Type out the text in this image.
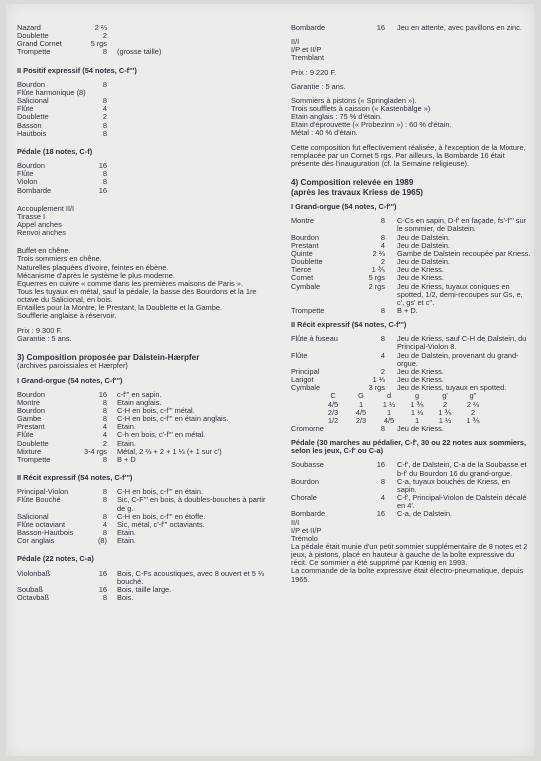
Nazard	2 ⅔
Doublette	2
Grand Cornet	5 rgs
Trompette	8	(grosse taille)
II Positif expressif (54 notes, C-f''')
Bourdon	8
Flûte harmonique (8)
Salicional	8
Flûte	4
Doublette	2
Basson	8
Hautbois	8
Pédale (18 notes, C-f)
Bourdon	16
Flûte	8
Violon	8
Bombarde	16
Accouplement II/I
Tirasse I
Appel anches
Renvoi anches
Buffet en chêne.
Trois sommiers en chêne.
Naturelles plaquées d'ivoire, feintes en ébène.
Mécanisme d'après le système le plus moderne.
Equerres en cuivre « comme dans les premières maisons de Paris ».
Tous les tuyaux en métal, sauf la pédale, la basse des Bourdons et la 1re octave du Salicional, en bois.
Entailles pour la Montre, le Prestant, la Doublette et la Gambe.
Soufflerie anglaise à réservoir.
Prix : 9 300 F.
Garantie : 5 ans.
3) Composition proposée par Dalstein-Hærpfer
(archives paroissiales et Hærpfer)
I Grand-orgue (54 notes, C-f''')
Bourdon	16	c-f''' en sapin.
Montre	8	Etain anglais.
Bourdon	8	C-H en bois, c-f''' métal.
Gambe	8	C-H en bois, c-f''' en étain anglais.
Prestant	4	Etain.
Flûte	4	C-h en bois, c'-f''' en métal.
Doublette	2	Etain.
Mixture	3-4 rgs	Métal, 2 ⅔ + 2 + 1 ⅓ (+ 1 sur c')
Trompette	8	B + D
II Récit expressif (54 notes, C-f''')
Principal-Violon	8	C-H en bois, c-f''' en étain.
Flûte Bouché	8	Sic, C-F''' en bois, à doubles-bouches à partir de g.
Salicional	8	C-H en bois, c-f''' en étoffe.
Flûte octaviant	4	Sic, métal, c'-f''' octaviants.
Basson-Hautbois	8	Etain.
Cor anglais	(8)	Etain.
Pédale (22 notes, C-a)
Violonbaß	16	Bois, C-Fs acoustiques, avec 8 ouvert et 5 ⅓ bouché.
Soubaß	16	Bois, taille large.
Octavbaß	8	Bois.
Bombarde	16	Jeu en attente, avec pavillons en zinc.
II/I
I/P et II/P
Tremblant
Prix : 9 220 F.
Garantie : 5 ans.
Sommiers à pistons (« Springladen »).
Trois soufflets à caisson (« Kastenbälge »)
Etain anglais : 75 % d'étain.
Etain d'éprouvette (« Probezinn ») : 60 % d'étain.
Métal : 40 % d'étain.
Cette composition fut effectivement réalisée, à l'exception de la Mixture, remplacée par un Cornet 5 rgs. Par ailleurs, la Bombarde 16 était présente dès l'inauguration (cf. la Semaine religieuse).
4) Composition relevée en 1989
(après les travaux Kriess de 1965)
I Grand-orgue (54 notes, C-f''')
Montre	8	C-Cs en sapin, D-f' en façade, fs'-f''' sur le sommier, de Dalstein.
Bourdon	8	Jeu de Dalstein.
Prestant	4	Jeu de Dalstein.
Quinte	2 ⅔	Gambe de Dalstein recoupée par Kriess.
Doublette	2	Jeu de Dalstein.
Tierce	1 ⅗	Jeu de Kriess.
Cornet	5 rgs	Jeu de Kriess.
Cymbale	2 rgs	Jeu de Kriess, tuyaux coniques en spotted, 1/2, demi-recoupes sur Gs, e, c', gs' et c''.
Trompette	8	B + D.
II Récit expressif (54 notes, C-f''')
Flûte à fuseau	8	Jeu de Kriess, sauf C-H de Dalstein, du Principal-Violon 8.
Flûte	4	Jeu de Dalstein, provenant du grand-orgue.
Principal	2	Jeu de Kriess.
Larigot	1 ⅓	Jeu de Kriess.
Cymbale	3 rgs	Jeu de Kriess, tuyaux en spotted.
C	G	d	g	g'	g''
4/5	1	1 ⅓	1 ⅗	2	2 ⅔
2/3	4/5	1	1 ⅓	1 ⅗	2
1/2	2/3	4/5	1	1 ⅓	1 ⅗
Cromorne	8	Jeu de Kriess.
Pédale (30 marches au pédalier, C-f', 30 ou 22 notes aux sommiers, selon les jeux, C-f' ou C-a)
Soubasse	16	C-f', de Dalstein, C-a de la Soubasse et b-f' du Bourdon 16 du grand-orgue.
Bourdon	8	C-a, tuyaux bouchés de Kriess, en sapin.
Chorale	4	C-f', Principal-Violon de Dalstein décalé en 4'.
Bombarde	16	C-a, de Dalstein.
II/I
I/P et II/P
Trémolo
La pédale était munie d'un petit sommier supplémentaire de 8 notes et 2 jeux, à pistons, placé en hauteur à gauche de la boîte expressive du récit. Ce sommier a été supprimé par Kœnig en 1993.
La commande de la boîte expressive était électro-pneumatique, depuis 1965.
